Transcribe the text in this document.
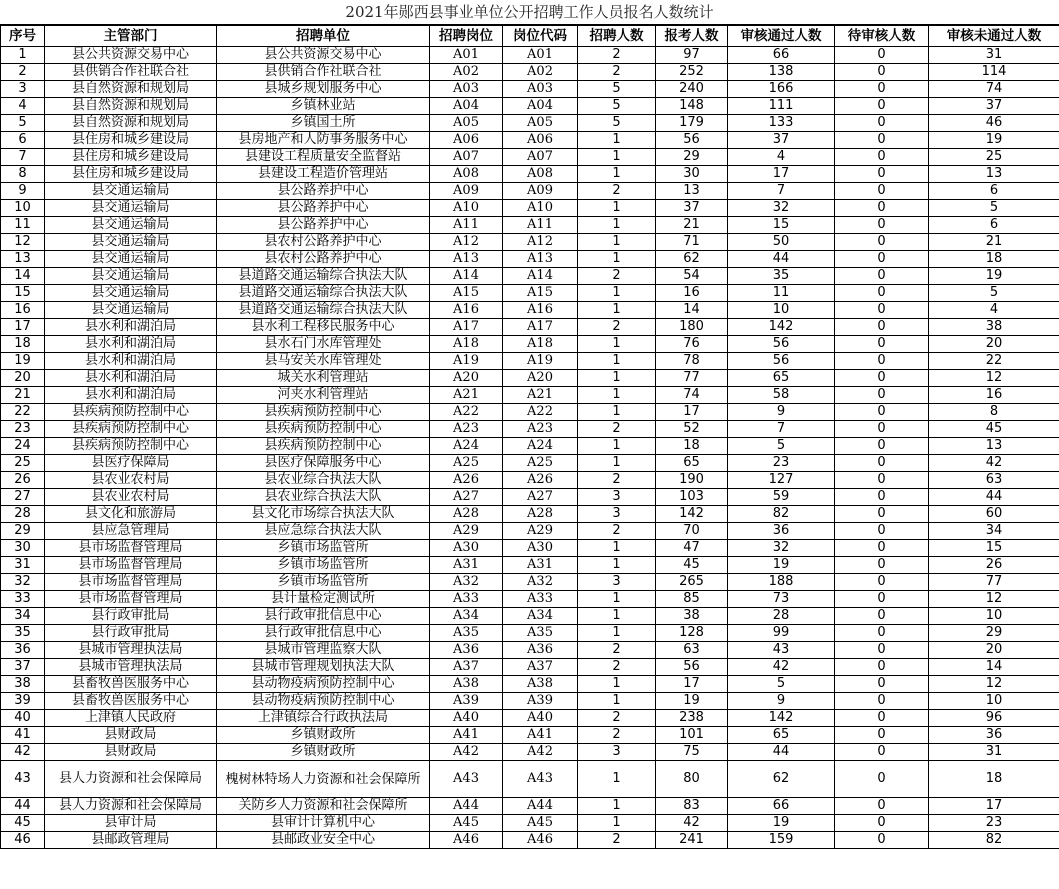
2021年郧西县事业单位公开招聘工作人员报名人数统计
序号	主管部门	招聘单位	招聘岗位	岗位代码	招聘人数	报考人数	审核通过人数	待审核人数	审核未通过人数
1	县公共资源交易中心	县公共资源交易中心	A01	A01	2	97	66	0	31
2	县供销合作社联合社	县供销合作社联合社	A02	A02	2	252	138	0	114
3	县自然资源和规划局	县城乡规划服务中心	A03	A03	5	240	166	0	74
4	县自然资源和规划局	乡镇林业站	A04	A04	5	148	111	0	37
5	县自然资源和规划局	乡镇国土所	A05	A05	5	179	133	0	46
6	县住房和城乡建设局	县房地产和人防事务服务中心	A06	A06	1	56	37	0	19
7	县住房和城乡建设局	县建设工程质量安全监督站	A07	A07	1	29	4	0	25
8	县住房和城乡建设局	县建设工程造价管理站	A08	A08	1	30	17	0	13
9	县交通运输局	县公路养护中心	A09	A09	2	13	7	0	6
10	县交通运输局	县公路养护中心	A10	A10	1	37	32	0	5
11	县交通运输局	县公路养护中心	A11	A11	1	21	15	0	6
12	县交通运输局	县农村公路养护中心	A12	A12	1	71	50	0	21
13	县交通运输局	县农村公路养护中心	A13	A13	1	62	44	0	18
14	县交通运输局	县道路交通运输综合执法大队	A14	A14	2	54	35	0	19
15	县交通运输局	县道路交通运输综合执法大队	A15	A15	1	16	11	0	5
16	县交通运输局	县道路交通运输综合执法大队	A16	A16	1	14	10	0	4
17	县水利和湖泊局	县水利工程移民服务中心	A17	A17	2	180	142	0	38
18	县水利和湖泊局	县水石门水库管理处	A18	A18	1	76	56	0	20
19	县水利和湖泊局	县马安关水库管理处	A19	A19	1	78	56	0	22
20	县水利和湖泊局	城关水利管理站	A20	A20	1	77	65	0	12
21	县水利和湖泊局	河夹水利管理站	A21	A21	1	74	58	0	16
22	县疾病预防控制中心	县疾病预防控制中心	A22	A22	1	17	9	0	8
23	县疾病预防控制中心	县疾病预防控制中心	A23	A23	2	52	7	0	45
24	县疾病预防控制中心	县疾病预防控制中心	A24	A24	1	18	5	0	13
25	县医疗保障局	县医疗保障服务中心	A25	A25	1	65	23	0	42
26	县农业农村局	县农业综合执法大队	A26	A26	2	190	127	0	63
27	县农业农村局	县农业综合执法大队	A27	A27	3	103	59	0	44
28	县文化和旅游局	县文化市场综合执法大队	A28	A28	3	142	82	0	60
29	县应急管理局	县应急综合执法大队	A29	A29	2	70	36	0	34
30	县市场监督管理局	乡镇市场监管所	A30	A30	1	47	32	0	15
31	县市场监督管理局	乡镇市场监管所	A31	A31	1	45	19	0	26
32	县市场监督管理局	乡镇市场监管所	A32	A32	3	265	188	0	77
33	县市场监督管理局	县计量检定测试所	A33	A33	1	85	73	0	12
34	县行政审批局	县行政审批信息中心	A34	A34	1	38	28	0	10
35	县行政审批局	县行政审批信息中心	A35	A35	1	128	99	0	29
36	县城市管理执法局	县城市管理监察大队	A36	A36	2	63	43	0	20
37	县城市管理执法局	县城市管理规划执法大队	A37	A37	2	56	42	0	14
38	县畜牧兽医服务中心	县动物疫病预防控制中心	A38	A38	1	17	5	0	12
39	县畜牧兽医服务中心	县动物疫病预防控制中心	A39	A39	1	19	9	0	10
40	上津镇人民政府	上津镇综合行政执法局	A40	A40	2	238	142	0	96
41	县财政局	乡镇财政所	A41	A41	2	101	65	0	36
42	县财政局	乡镇财政所	A42	A42	3	75	44	0	31
43	县人力资源和社会保障局	槐树林特场人力资源和社会保障所	A43	A43	1	80	62	0	18
44	县人力资源和社会保障局	关防乡人力资源和社会保障所	A44	A44	1	83	66	0	17
45	县审计局	县审计计算机中心	A45	A45	1	42	19	0	23
46	县邮政管理局	县邮政业安全中心	A46	A46	2	241	159	0	82
